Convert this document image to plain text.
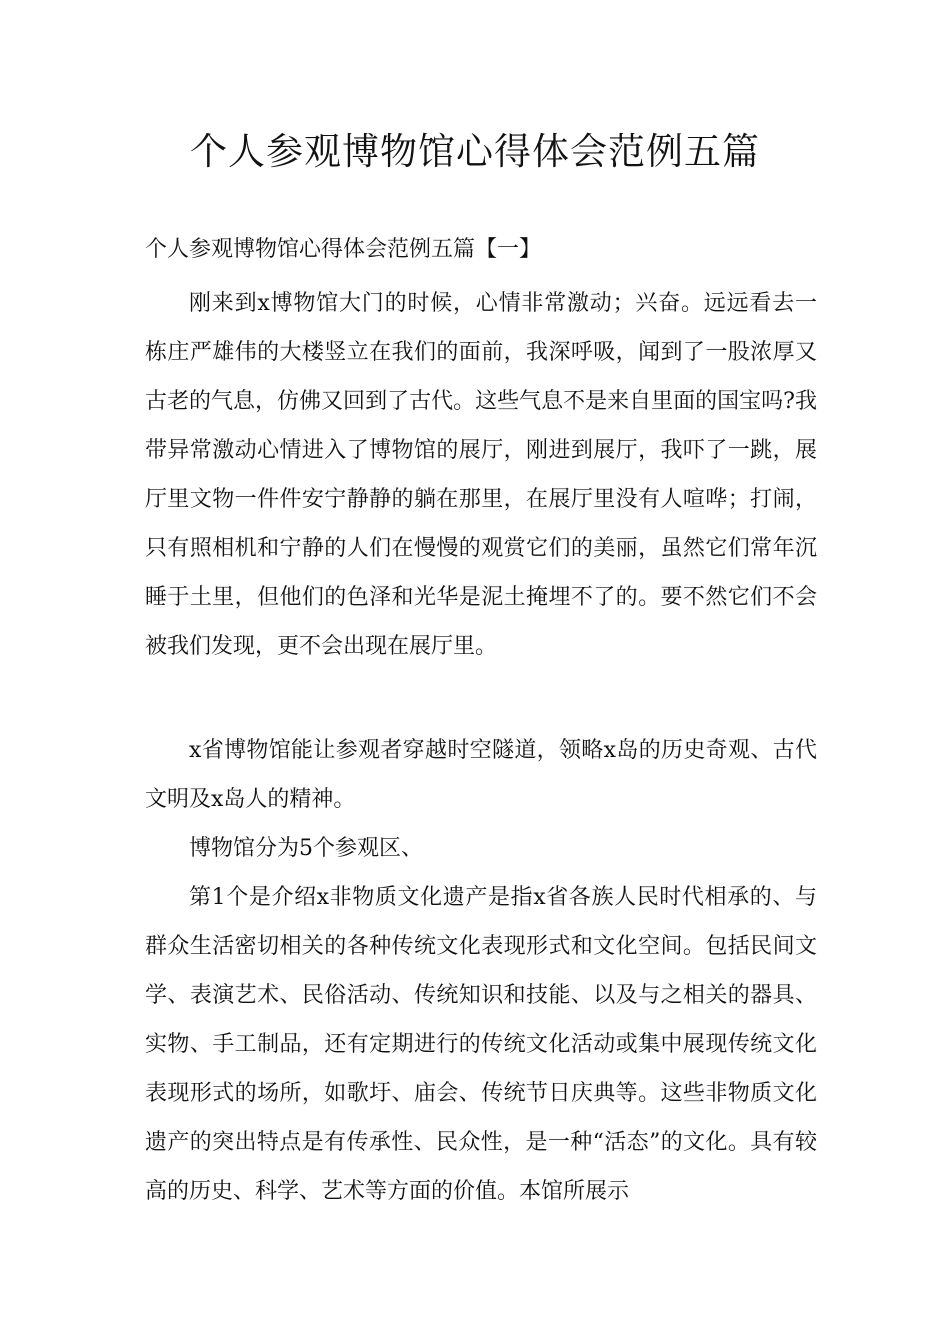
个人参观博物馆心得体会范例五篇

个人参观博物馆心得体会范例五篇【一】

刚来到x博物馆大门的时候，心情非常激动；兴奋。远远看去一栋庄严雄伟的大楼竖立在我们的面前，我深呼吸，闻到了一股浓厚又古老的气息，仿佛又回到了古代。这些气息不是来自里面的国宝吗?我带异常激动心情进入了博物馆的展厅，刚进到展厅，我吓了一跳，展厅里文物一件件安宁静静的躺在那里，在展厅里没有人喧哗；打闹，只有照相机和宁静的人们在慢慢的观赏它们的美丽，虽然它们常年沉睡于土里，但他们的色泽和光华是泥土掩埋不了的。要不然它们不会被我们发现，更不会出现在展厅里。

x省博物馆能让参观者穿越时空隧道，领略x岛的历史奇观、古代文明及x岛人的精神。

博物馆分为5个参观区、

第1个是介绍x非物质文化遗产是指x省各族人民时代相承的、与群众生活密切相关的各种传统文化表现形式和文化空间。包括民间文学、表演艺术、民俗活动、传统知识和技能、以及与之相关的器具、实物、手工制品，还有定期进行的传统文化活动或集中展现传统文化表现形式的场所，如歌圩、庙会、传统节日庆典等。这些非物质文化遗产的突出特点是有传承性、民众性，是一种“活态”的文化。具有较高的历史、科学、艺术等方面的价值。本馆所展示
